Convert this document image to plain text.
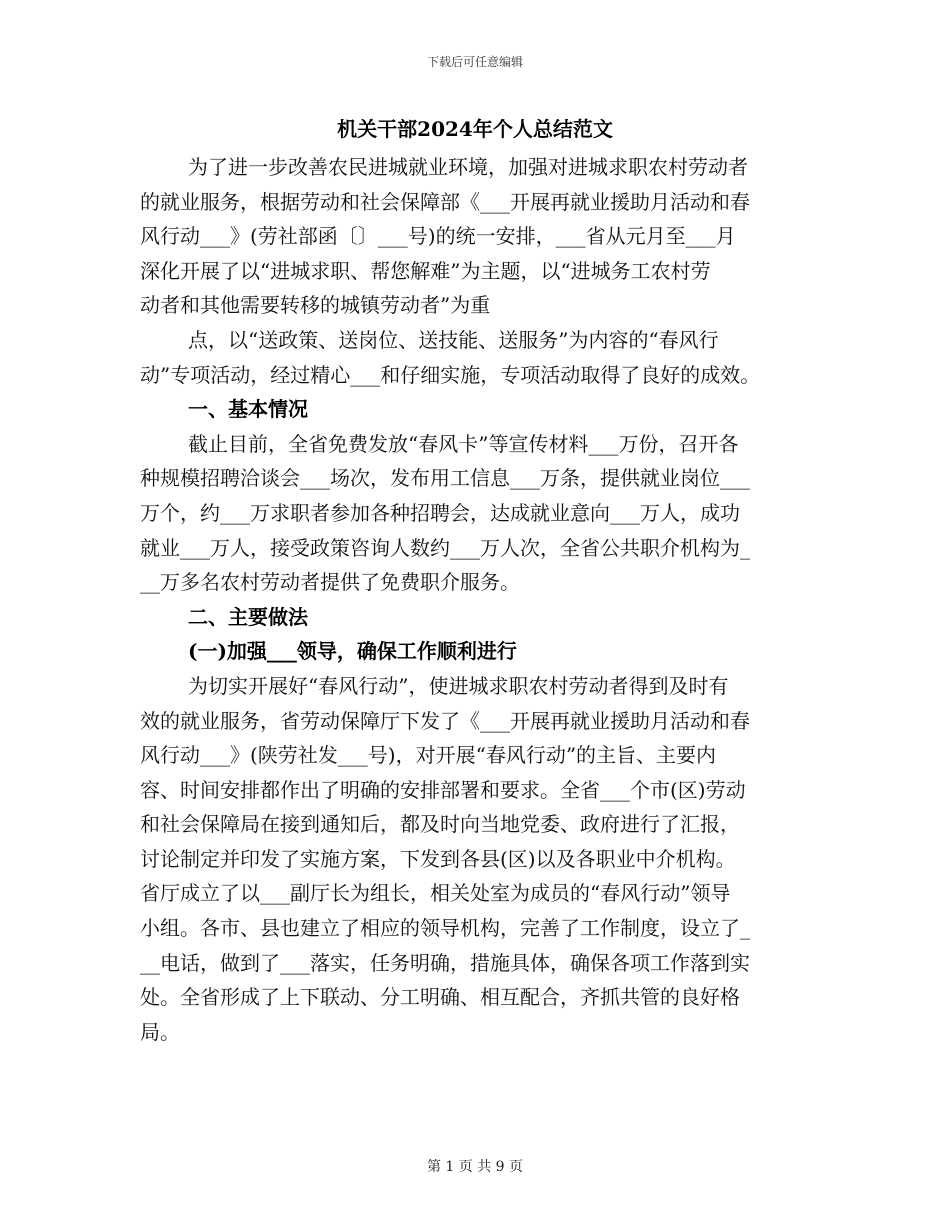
下载后可任意编辑
机关干部2024年个人总结范文
为了进一步改善农民进城就业环境，加强对进城求职农村劳动者
的就业服务，根据劳动和社会保障部《___开展再就业援助月活动和春
风行动___》(劳社部函〔〕___号)的统一安排，___省从元月至___月
深化开展了以“进城求职、帮您解难”为主题，以“进城务工农村劳
动者和其他需要转移的城镇劳动者”为重
点，以“送政策、送岗位、送技能、送服务”为内容的“春风行
动”专项活动，经过精心___和仔细实施，专项活动取得了良好的成效。
一、基本情况
截止目前，全省免费发放“春风卡”等宣传材料___万份，召开各
种规模招聘洽谈会___场次，发布用工信息___万条，提供就业岗位___
万个，约___万求职者参加各种招聘会，达成就业意向___万人，成功
就业___万人，接受政策咨询人数约___万人次，全省公共职介机构为_
__万多名农村劳动者提供了免费职介服务。
二、主要做法
(一)加强___领导，确保工作顺利进行
为切实开展好“春风行动”，使进城求职农村劳动者得到及时有
效的就业服务，省劳动保障厅下发了《___开展再就业援助月活动和春
风行动___》(陕劳社发___号)，对开展“春风行动”的主旨、主要内
容、时间安排都作出了明确的安排部署和要求。全省___个市(区)劳动
和社会保障局在接到通知后，都及时向当地党委、政府进行了汇报，
讨论制定并印发了实施方案，下发到各县(区)以及各职业中介机构。
省厅成立了以___副厅长为组长，相关处室为成员的“春风行动”领导
小组。各市、县也建立了相应的领导机构，完善了工作制度，设立了_
__电话，做到了___落实，任务明确，措施具体，确保各项工作落到实
处。全省形成了上下联动、分工明确、相互配合，齐抓共管的良好格
局。
第 1 页 共 9 页
